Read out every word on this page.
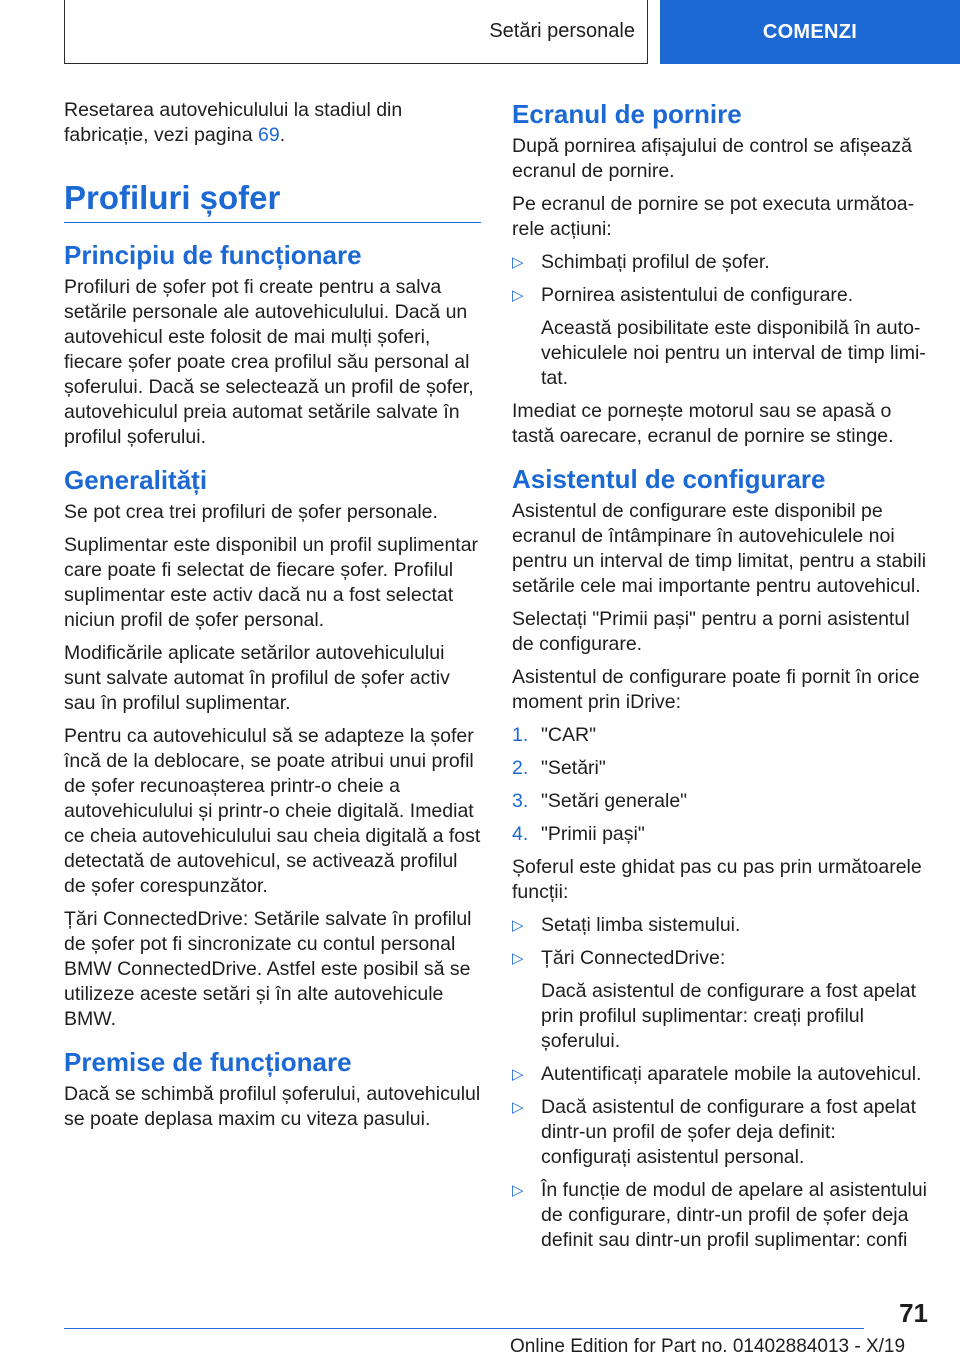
Setări personale	COMENZI

Resetarea autovehiculului la stadiul din fabricație, vezi pagina 69.

Profiluri șofer
Principiu de funcționare

Profiluri de șofer pot fi create pentru a salva setările personale ale autovehiculului. Dacă un autovehicul este folosit de mai mulți șoferi, fiecare șofer poate crea profilul său personal al șoferului. Dacă se selectează un profil de șofer, autovehiculul preia automat setările salvate în profilul șoferului.

Generalități

Se pot crea trei profiluri de șofer personale.

Suplimentar este disponibil un profil suplimentar care poate fi selectat de fiecare șofer. Profilul suplimentar este activ dacă nu a fost selectat niciun profil de șofer personal.

Modificările aplicate setărilor autovehiculului sunt salvate automat în profilul de șofer activ sau în profilul suplimentar.

Pentru ca autovehiculul să se adapteze la șofer încă de la deblocare, se poate atribui unui profil de șofer recunoașterea printr-o cheie a autovehiculului și printr-o cheie digitală. Imediat ce cheia autovehiculului sau cheia digitală a fost detectată de autovehicul, se activează profilul de șofer corespunzător.

Țări ConnectedDrive: Setările salvate în profilul de șofer pot fi sincronizate cu contul personal BMW ConnectedDrive. Astfel este posibil să se utilizeze aceste setări și în alte autovehicule BMW.

Premise de funcționare

Dacă se schimbă profilul șoferului, autovehiculul se poate deplasa maxim cu viteza pasului.

Ecranul de pornire

După pornirea afișajului de control se afișează ecranul de pornire.

Pe ecranul de pornire se pot executa următoarele acțiuni:

▷ Schimbați profilul de șofer.
▷ Pornirea asistentului de configurare.

Această posibilitate este disponibilă în autovehiculele noi pentru un interval de timp limitat.

Imediat ce pornește motorul sau se apasă o tastă oarecare, ecranul de pornire se stinge.

Asistentul de configurare

Asistentul de configurare este disponibil pe ecranul de întâmpinare în autovehiculele noi pentru un interval de timp limitat, pentru a stabili setările cele mai importante pentru autovehicul.

Selectați "Primii pași" pentru a porni asistentul de configurare.

Asistentul de configurare poate fi pornit în orice moment prin iDrive:

1. "CAR"
2. "Setări"
3. "Setări generale"
4. "Primii pași"

Șoferul este ghidat pas cu pas prin următoarele funcții:

▷ Setați limba sistemului.
▷ Țări ConnectedDrive:

Dacă asistentul de configurare a fost apelat prin profilul suplimentar: creați profilul șoferului.

▷ Autentificați aparatele mobile la autovehicul.
▷ Dacă asistentul de configurare a fost apelat dintr-un profil de șofer deja definit: configurați asistentul personal.
▷ În funcție de modul de apelare al asistentului de configurare, dintr-un profil de șofer deja definit sau dintr-un profil suplimentar: confi
71
Online Edition for Part no. 01402884013 - X/19
